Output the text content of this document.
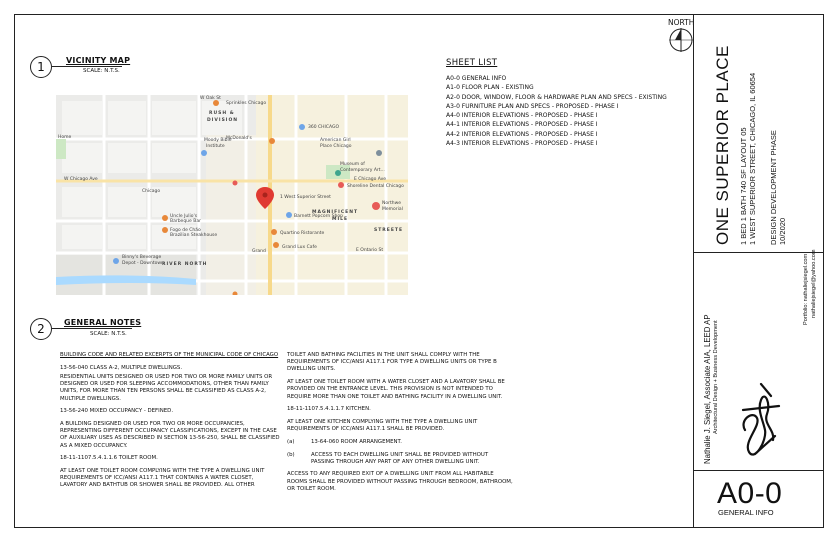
NORTH
1	VICINITY MAP
SCALE: N.T.S.
1 West Superior Street
RUSH &
DIVISION
MAGNIFICENT
MILE
RIVER NORTH
STREETE
Home
Moody Bible
Institute
W Chicago Ave	E Chicago Ave
Chicago
McDonald's
Sprinkles Chicago
360 CHICAGO
American Girl
Place Chicago
Museum of
Contemporary Art...
Shoreline Dental Chicago
Northwe
Memorial
Uncle Julio's
Barbeque Bar
Fogo de Chão
Brazilian Steakhouse	Quartino Ristorante
Grand Lux Cafe
Barnett Popcorn Shop
Binny's Beverage
Depot - Downtown
Grand
W Oak St
E Ontario St
SHEET LIST
A0-0 GENERAL INFO
A1-0 FLOOR PLAN - EXISTING
A2-0 DOOR, WINDOW, FLOOR & HARDWARE PLAN AND SPECS - EXISTING
A3-0 FURNITURE PLAN AND SPECS - PROPOSED - PHASE I
A4-0 INTERIOR ELEVATIONS - PROPOSED - PHASE I
A4-1 INTERIOR ELEVATIONS - PROPOSED - PHASE I
A4-2 INTERIOR ELEVATIONS - PROPOSED - PHASE I
A4-3 INTERIOR ELEVATIONS - PROPOSED - PHASE I
2	GENERAL NOTES
SCALE: N.T.S.

BUILDING CODE AND RELATED EXCERPTS OF THE MUNICIPAL CODE OF CHICAGO

13-56-040 CLASS A-2, MULTIPLE DWELLINGS.

RESIDENTIAL UNITS DESIGNED OR USED FOR TWO OR MORE FAMILY UNITS OR DESIGNED OR USED FOR SLEEPING ACCOMMODATIONS, OTHER THAN FAMILY UNITS, FOR MORE THAN TEN PERSONS SHALL BE CLASSIFIED AS CLASS A-2, MULTIPLE DWELLINGS.

13-56-240 MIXED OCCUPANCY - DEFINED.

A BUILDING DESIGNED OR USED FOR TWO OR MORE OCCUPANCIES, REPRESENTING DIFFERENT OCCUPANCY CLASSIFICATIONS, EXCEPT IN THE CASE OF AUXILIARY USES AS DESCRIBED IN SECTION 13-56-250, SHALL BE CLASSIFIED AS A MIXED OCCUPANCY.

18-11-1107.5.4.1.1.6 TOILET ROOM.

AT LEAST ONE TOILET ROOM COMPLYING WITH THE TYPE A DWELLING UNIT REQUIREMENTS OF ICC/ANSI A117.1 THAT CONTAINS A WATER CLOSET, LAVATORY AND BATHTUB OR SHOWER SHALL BE PROVIDED. ALL OTHER

TOILET AND BATHING FACILITIES IN THE UNIT SHALL COMPLY WITH THE REQUIREMENTS OF ICC/ANSI A117.1 FOR TYPE A DWELLING UNITS OR TYPE B DWELLING UNITS.

AT LEAST ONE TOILET ROOM WITH A WATER CLOSET AND A LAVATORY SHALL BE PROVIDED ON THE ENTRANCE LEVEL. THIS PROVISION IS NOT INTENDED TO REQUIRE MORE THAN ONE TOILET AND BATHING FACILITY IN A DWELLING UNIT.

18-11-1107.5.4.1.1.7 KITCHEN.

AT LEAST ONE KITCHEN COMPLYING WITH THE TYPE A DWELLING UNIT REQUIREMENTS OF ICC/ANSI A117.1 SHALL BE PROVIDED.

(a)	13-64-060 ROOM ARRANGEMENT.

(b)	ACCESS TO EACH DWELLING UNIT SHALL BE PROVIDED WITHOUT PASSING THROUGH ANY PART OF ANY OTHER DWELLING UNIT.

ACCESS TO ANY REQUIRED EXIT OF A DWELLING UNIT FROM ALL HABITABLE ROOMS SHALL BE PROVIDED WITHOUT PASSING THROUGH BEDROOM, BATHROOM, OR TOILET ROOM.

ONE SUPERIOR PLACE 1 BED 1 BATH 740 SF LAYOUT 05 1 WEST SUPERIOR STREET, CHICAGO, IL 60654 DESIGN DEVELOPMENT PHASE 10/2020
Nathalie J. Siegel, Associate AIA, LEED AP Architectural Design + Business Development
Portfolio: nathaliejsiegel.com nathaliejsiegel@yahoo.com
A0-0
GENERAL INFO
